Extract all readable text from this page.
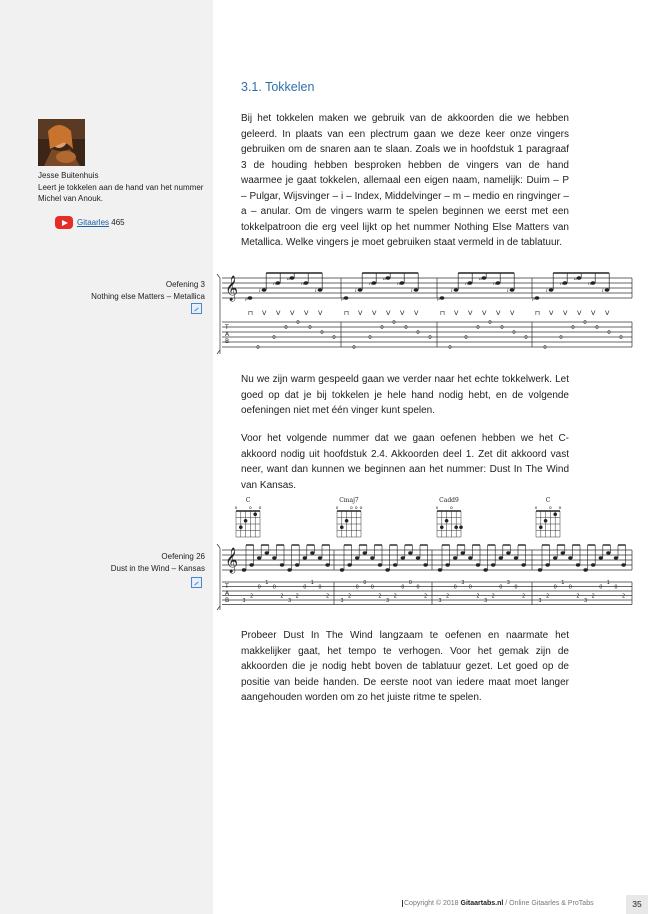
3.1. Tokkelen

Bij het tokkelen maken we gebruik van de akkoorden die we hebben geleerd. In plaats van een plectrum gaan we deze keer onze vingers gebruiken om de snaren aan te slaan. Zoals we in hoofdstuk 1 paragraaf 3 de houding hebben besproken hebben de vingers van de hand waarmee je gaat tokkelen, allemaal een eigen naam, namelijk: Duim – P – Pulgar, Wijsvinger – i – Index, Middelvinger – m – medio en ringvinger – a – anular. Om de vingers warm te spelen beginnen we eerst met een tokkelpatroon die erg veel lijkt op het nummer Nothing Else Matters van Metallica. Welke vingers je moet gebruiken staat vermeld in de tablatuur.

Jesse Buitenhuis
Leert je tokkelen aan de hand van het nummer Michel van Anouk.
Gitaarles 465
Oefening 3
Nothing else Matters – Metallica 𝄞
T
A
B
p
⊓
i
V
m
V
a
V
m
V
i
V
0
0
0
0
0
0
0
p
⊓
i
V
m
V
a
V
m
V
i
V
0
0
0
0
0
0
0
p
⊓
i
V
m
V
a
V
m
V
i
V
0
0
0
0
0
0
0
p
⊓
i
V
m
V
a
V
m
V
i
V
0
0
0
0
0
0
0

Nu we zijn warm gespeeld gaan we verder naar het echte tokkelwerk. Let goed op dat je bij tokkelen je hele hand nodig hebt, en de volgende oefeningen niet met één vinger kunt spelen.

Voor het volgende nummer dat we gaan oefenen hebben we het C-akkoord nodig uit hoofdstuk 2.4. Akkoorden deel 1. Zet dit akkoord vast neer, want dan kunnen we beginnen aan het nummer: Dust In The Wind van Kansas.

C
x	o o
Cmaj7
x	o o o
Cadd9
x	o
C
x	o o
Oefening 26
Dust in the Wind – Kansas 𝄞
T
A
B	3
2
0
1
0
2
3
2
0
1
0
2
3
2
0
0
0
2
3
2
0
0
0
2
3
2
0
3
0
2
3
2
0
3
0
2
3
2
0
1
0
2
3
2
0
1
0
2

Probeer Dust In The Wind langzaam te oefenen en naarmate het makkelijker gaat, het tempo te verhogen. Voor het gemak zijn de akkoorden die je nodig hebt boven de tablatuur gezet. Let goed op de positie van beide handen. De eerste noot van iedere maat moet langer aangehouden worden om zo het juiste ritme te spelen.

Copyright © 2018 Gitaartabs.nl / Online Gitaarles & ProTabs	35
